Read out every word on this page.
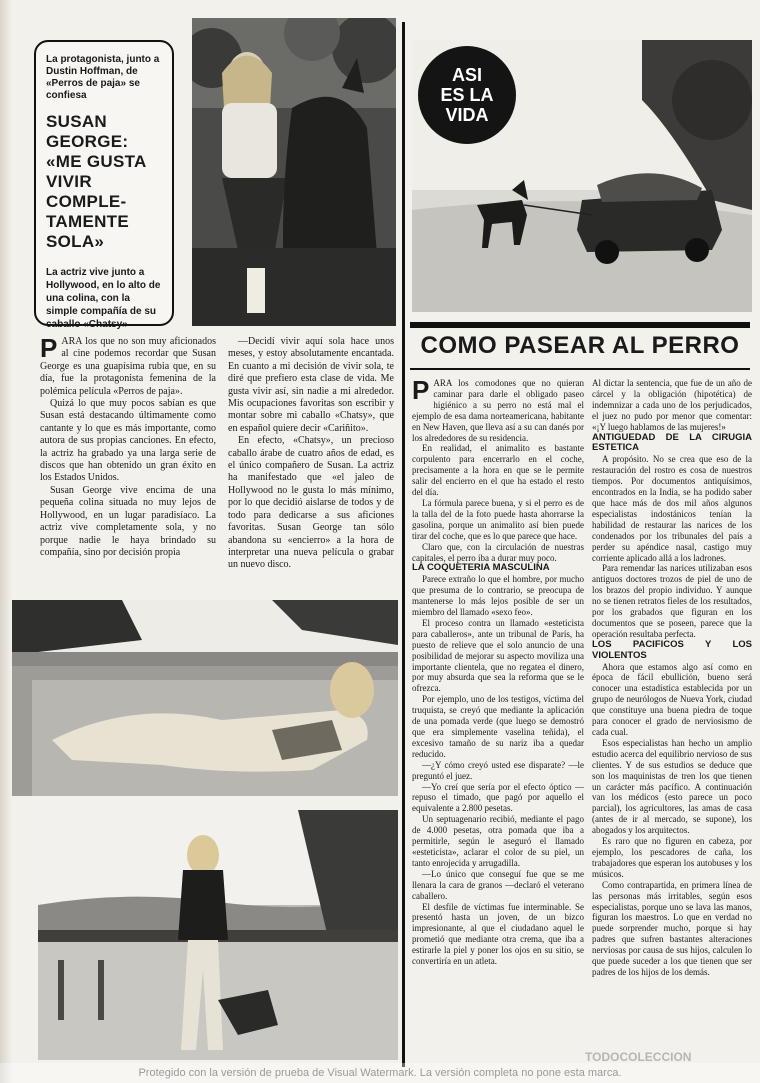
La protagonista, junto a Dustin Hoffman, de «Perros de paja» se confiesa

SUSAN GEORGE: «ME GUSTA VIVIR COMPLE-TAMENTE SOLA»

La actriz vive junto a Hollywood, en lo alto de una colina, con la simple compañía de su caballo «Chatsy»

PARA los que no son muy aficionados al cine podemos recordar que Susan George es una guapísima rubia que, en su día, fue la protagonista femenina de la polémica película «Perros de paja».

Quizá lo que muy pocos sabían es que Susan está destacando últimamente como cantante y lo que es más importante, como autora de sus propias canciones. En efecto, la actriz ha grabado ya una larga serie de discos que han obtenido un gran éxito en los Estados Unidos.

Susan George vive encima de una pequeña colina situada no muy lejos de Hollywood, en un lugar paradisíaco. La actriz vive completamente sola, y no porque nadie le haya brindado su compañía, sino por decisión propia

—Decidí vivir aquí sola hace unos meses, y estoy absolutamente encantada. En cuanto a mi decisión de vivir sola, te diré que prefiero esta clase de vida. Me gusta vivir así, sin nadie a mi alrededor. Mis ocupaciones favoritas son escribir y montar sobre mi caballo «Chatsy», que en español quiere decir «Cariñito».

En efecto, «Chatsy», un precioso caballo árabe de cuatro años de edad, es el único compañero de Susan. La actriz ha manifestado que «el jaleo de Hollywood no le gusta lo más mínimo, por lo que decidió aislarse de todos y de todo para dedicarse a sus aficiones favoritas. Susan George tan sólo abandona su «encierro» a la hora de interpretar una nueva película o grabar un nuevo disco.

ASI
ES LA
VIDA
COMO PASEAR AL PERRO

PARA los comodones que no quieran caminar para darle el obligado paseo higiénico a su perro no está mal el ejemplo de esa dama norteamericana, habitante en New Haven, que lleva así a su can danés por los alrededores de su residencia.

En realidad, el animalito es bastante corpulento para encerrarlo en el coche, precisamente a la hora en que se le permite salir del encierro en el que ha estado el resto del día.

La fórmula parece buena, y si el perro es de la talla del de la foto puede hasta ahorrarse la gasolina, porque un animalito así bien puede tirar del coche, que es lo que parece que hace.

Claro que, con la circulación de nuestras capitales, el perro iba a durar muy poco.

LA COQUETERIA MASCULINA

Parece extraño lo que el hombre, por mucho que presuma de lo contrario, se preocupa de mantenerse lo más lejos posible de ser un miembro del llamado «sexo feo».

El proceso contra un llamado «esteticista para caballeros», ante un tribunal de París, ha puesto de relieve que el solo anuncio de una posibilidad de mejorar su aspecto moviliza una importante clientela, que no regatea el dinero, por muy absurda que sea la reforma que se le ofrezca.

Por ejemplo, uno de los testigos, víctima del truquista, se creyó que mediante la aplicación de una pomada verde (que luego se demostró que era simplemente vaselina teñida), el excesivo tamaño de su nariz iba a quedar reducido.

—¿Y cómo creyó usted ese disparate? —le preguntó el juez.

—Yo creí que sería por el efecto óptico —repuso el timado, que pagó por aquello el equivalente a 2.800 pesetas.

Un septuagenario recibió, mediante el pago de 4.000 pesetas, otra pomada que iba a permitirle, según le aseguró el llamado «esteticista», aclarar el color de su piel, un tanto enrojecida y arrugadilla.

—Lo único que conseguí fue que se me llenara la cara de granos —declaró el veterano caballero.

El desfile de víctimas fue interminable. Se presentó hasta un joven, de un bizco impresionante, al que el ciudadano aquel le prometió que mediante otra crema, que iba a estirarle la piel y poner los ojos en su sitio, se convertiría en un atleta.

Al dictar la sentencia, que fue de un año de cárcel y la obligación (hipotética) de indemnizar a cada uno de los perjudicados, el juez no pudo por menor que comentar: «¡Y luego hablamos de las mujeres!»

ANTIGUEDAD DE LA CIRUGIA ESTETICA

A propósito. No se crea que eso de la restauración del rostro es cosa de nuestros tiempos. Por documentos antiquísimos, encontrados en la India, se ha podido saber que hace más de dos mil años algunos especialistas indostánicos tenían la habilidad de restaurar las narices de los condenados por los tribunales del país a perder su apéndice nasal, castigo muy corriente aplicado allá a los ladrones.

Para remendar las narices utilizaban esos antiguos doctores trozos de piel de uno de los brazos del propio individuo. Y aunque no se tienen retratos fieles de los resultados, por los grabados que figuran en los documentos que se poseen, parece que la operación resultaba perfecta.

LOS PACIFICOS Y LOS VIOLENTOS

Ahora que estamos algo así como en época de fácil ebullición, bueno será conocer una estadística establecida por un grupo de neurólogos de Nueva York, ciudad que constituye una buena piedra de toque para conocer el grado de nerviosismo de cada cual.

Esos especialistas han hecho un amplio estudio acerca del equilibrio nervioso de sus clientes. Y de sus estudios se deduce que son los maquinistas de tren los que tienen un carácter más pacífico. A continuación van los médicos (esto parece un poco parcial), los agricultores, las amas de casa (antes de ir al mercado, se supone), los abogados y los arquitectos.

Es raro que no figuren en cabeza, por ejemplo, los pescadores de caña, los trabajadores que esperan los autobuses y los músicos.

Como contrapartida, en primera línea de las personas más irritables, según esos especialistas, porque uno se lava las manos, figuran los maestros. Lo que en verdad no puede sorprender mucho, porque si hay padres que sufren bastantes alteraciones nerviosas por causa de sus hijos, calculen lo que puede suceder a los que tienen que ser padres de los hijos de los demás.

TODOCOLECCION
Protegido con la versión de prueba de Visual Watermark. La versión completa no pone esta marca.
